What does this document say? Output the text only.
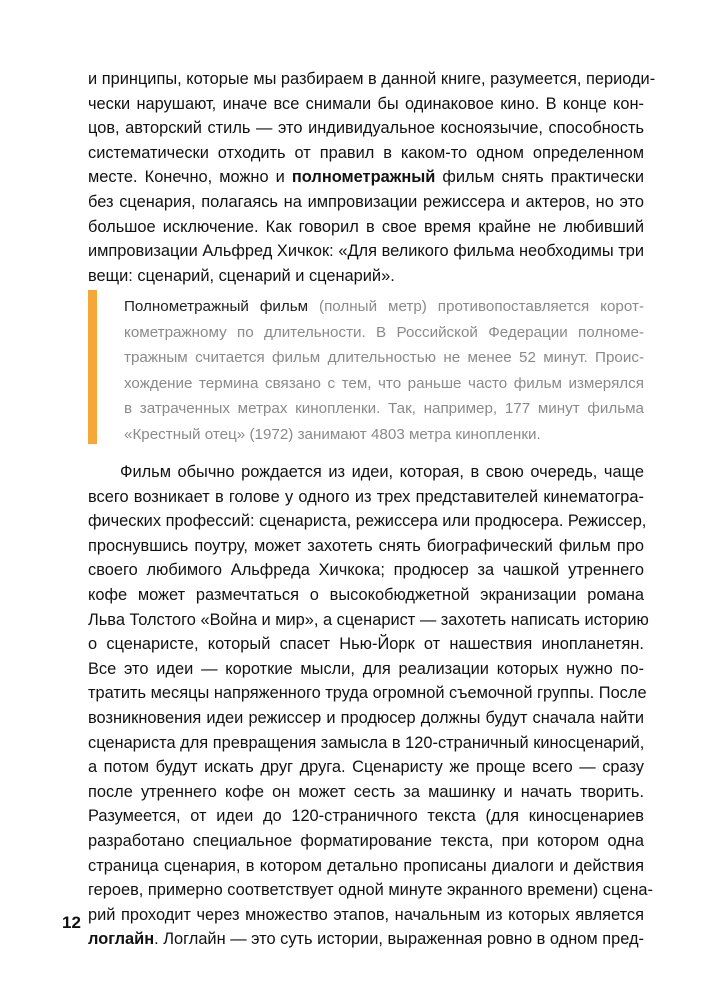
и принципы, которые мы разбираем в данной книге, разумеется, периоди-
чески нарушают, иначе все снимали бы одинаковое кино. В конце кон-
цов, авторский стиль — это индивидуальное косноязычие, способность
систематически отходить от правил в каком-то одном определенном
месте. Конечно, можно и полнометражный фильм снять практически
без сценария, полагаясь на импровизации режиссера и актеров, но это
большое исключение. Как говорил в свое время крайне не любивший
импровизации Альфред Хичкок: «Для великого фильма необходимы три
вещи: сценарий, сценарий и сценарий».
Полнометражный фильм (полный метр) противопоставляется корот-
кометражному по длительности. В Российской Федерации полноме-
тражным считается фильм длительностью не менее 52 минут. Проис-
хождение термина связано с тем, что раньше часто фильм измерялся
в затраченных метрах кинопленки. Так, например, 177 минут фильма
«Крестный отец» (1972) занимают 4803 метра кинопленки.
Фильм обычно рождается из идеи, которая, в свою очередь, чаще
всего возникает в голове у одного из трех представителей кинематогра-
фических профессий: сценариста, режиссера или продюсера. Режиссер,
проснувшись поутру, может захотеть снять биографический фильм про
своего любимого Альфреда Хичкока; продюсер за чашкой утреннего
кофе может размечтаться о высокобюджетной экранизации романа
Льва Толстого «Война и мир», а сценарист — захотеть написать историю
о сценаристе, который спасет Нью-Йорк от нашествия инопланетян.
Все это идеи — короткие мысли, для реализации которых нужно по-
тратить месяцы напряженного труда огромной съемочной группы. После
возникновения идеи режиссер и продюсер должны будут сначала найти
сценариста для превращения замысла в 120-страничный киносценарий,
а потом будут искать друг друга. Сценаристу же проще всего — сразу
после утреннего кофе он может сесть за машинку и начать творить.
Разумеется, от идеи до 120-страничного текста (для киносценариев
разработано специальное форматирование текста, при котором одна
страница сценария, в котором детально прописаны диалоги и действия
героев, примерно соответствует одной минуте экранного времени) сцена-
рий проходит через множество этапов, начальным из которых является
логлайн. Логлайн — это суть истории, выраженная ровно в одном пред-
12
